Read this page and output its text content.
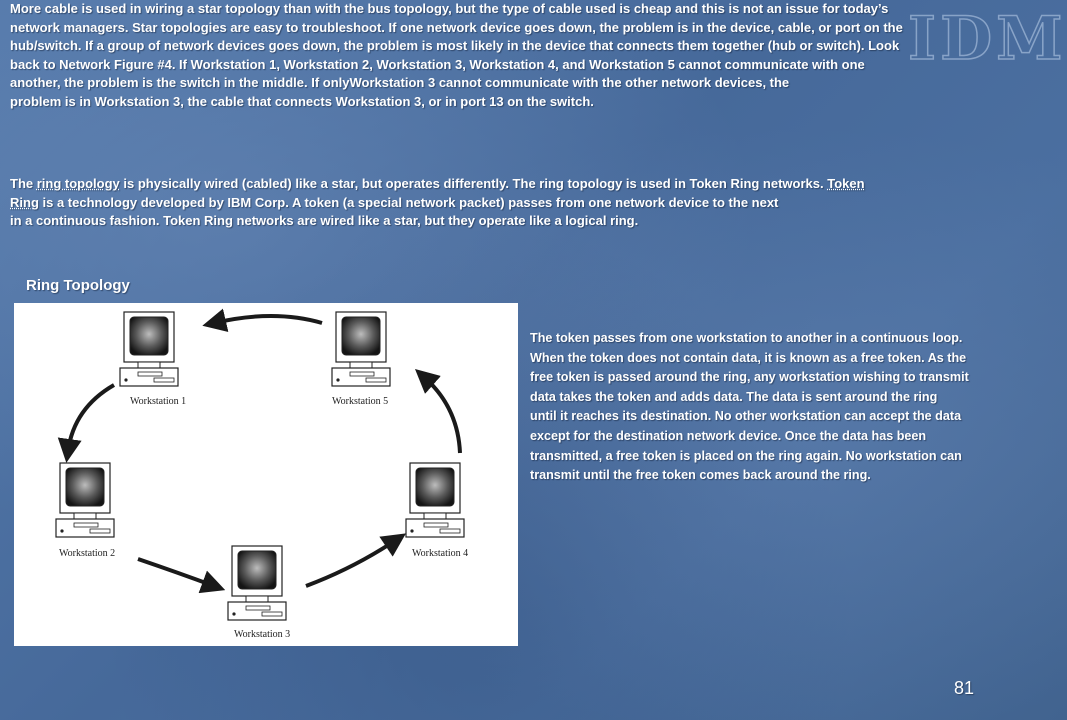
IDM
More cable is used in wiring a star topology than with the bus topology, but the type of cable used is cheap and this is not an issue for today’s
network managers. Star topologies are easy to troubleshoot. If one network device goes down, the problem is in the device, cable, or port on the
hub/switch. If a group of network devices goes down, the problem is most likely in the device that connects them together (hub or switch). Look
back to Network Figure #4. If Workstation 1, Workstation 2, Workstation 3, Workstation 4, and Workstation 5 cannot communicate with one
another, the problem is the switch in the middle. If onlyWorkstation 3 cannot communicate with the other network devices, the
problem is in Workstation 3, the cable that connects Workstation 3, or in port 13 on the switch.
The ring topology is physically wired (cabled) like a star, but operates differently. The ring topology is used in Token Ring networks. Token
Ring is a technology developed by IBM Corp. A token (a special network packet) passes from one network device to the next
in a continuous fashion. Token Ring networks are wired like a star, but they operate like a logical ring.
Ring Topology
Workstation 1	Workstation 5
Workstation 2	Workstation 4
Workstation 3
The token passes from one workstation to another in a continuous loop.
When the token does not contain data, it is known as a free token. As the
free token is passed around the ring, any workstation wishing to transmit
data takes the token and adds data. The data is sent around the ring
until it reaches its destination. No other workstation can accept the data
except for the destination network device. Once the data has been
transmitted, a free token is placed on the ring again. No workstation can
transmit until the free token comes back around the ring.
81
